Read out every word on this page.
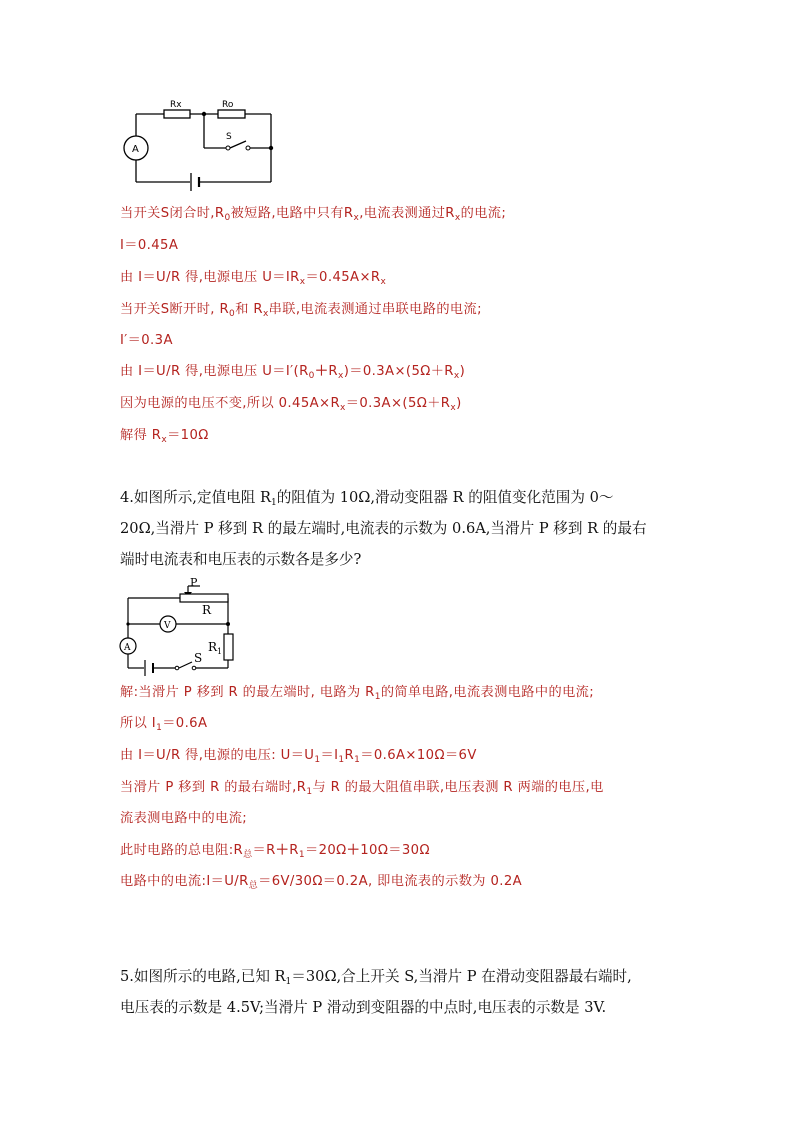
Rx	Ro
S
A
当开关S闭合时$,R_0$被短路,电路中只有$R_x$,电流表测通过$R_x$的电流;
I＝0.45A
由 I＝U/R 得,电源电压 $U=IR_x=0.45A\times R_x$
当开关S断开时, $R_0$和 $R_x$串联,电流表测通过串联电路的电流;
I′＝0.3A
由 I＝U/R 得,电源电压 $U=I'(R_0+R_x)=0.3A\times(5\Omega+R_x)$
因为电源的电压不变,所以 $0.45A\times R_x=0.3A\times(5\Omega+R_x)$
解得 $R_x=10\Omega$
4.如图所示,定值电阻 $R_1$的阻值为 10Ω,滑动变阻器 R 的阻值变化范围为 0～
20Ω,当滑片 P 移到 R 的最左端时,电流表的示数为 0.6A,当滑片 P 移到 R 的最右
端时电流表和电压表的示数各是多少?
P
R
V
A	$R_1$
S
解:当滑片 P 移到 R 的最左端时, 电路为 $R_1$的简单电路,电流表测电路中的电流;
所以 $I_1=0.6A$
由 I＝U/R 得,电源的电压: $U=U_1=I_1R_1=0.6A\times 10\Omega=6V$
当滑片 P 移到 R 的最右端时$,R_1$与 R 的最大阻值串联,电压表测 R 两端的电压,电
流表测电路中的电流;
此时电路的总电阻$:R_总=R+R_1=20\Omega+10\Omega=30\Omega$
电路中的电流$:I=U/R_总=6V/30\Omega=0.2A$, 即电流表的示数为 0.2A
5.如图所示的电路,已知 $R_1=30\Omega$,合上开关 S,当滑片 P 在滑动变阻器最右端时,
电压表的示数是 4.5V;当滑片 P 滑动到变阻器的中点时,电压表的示数是 3V.
